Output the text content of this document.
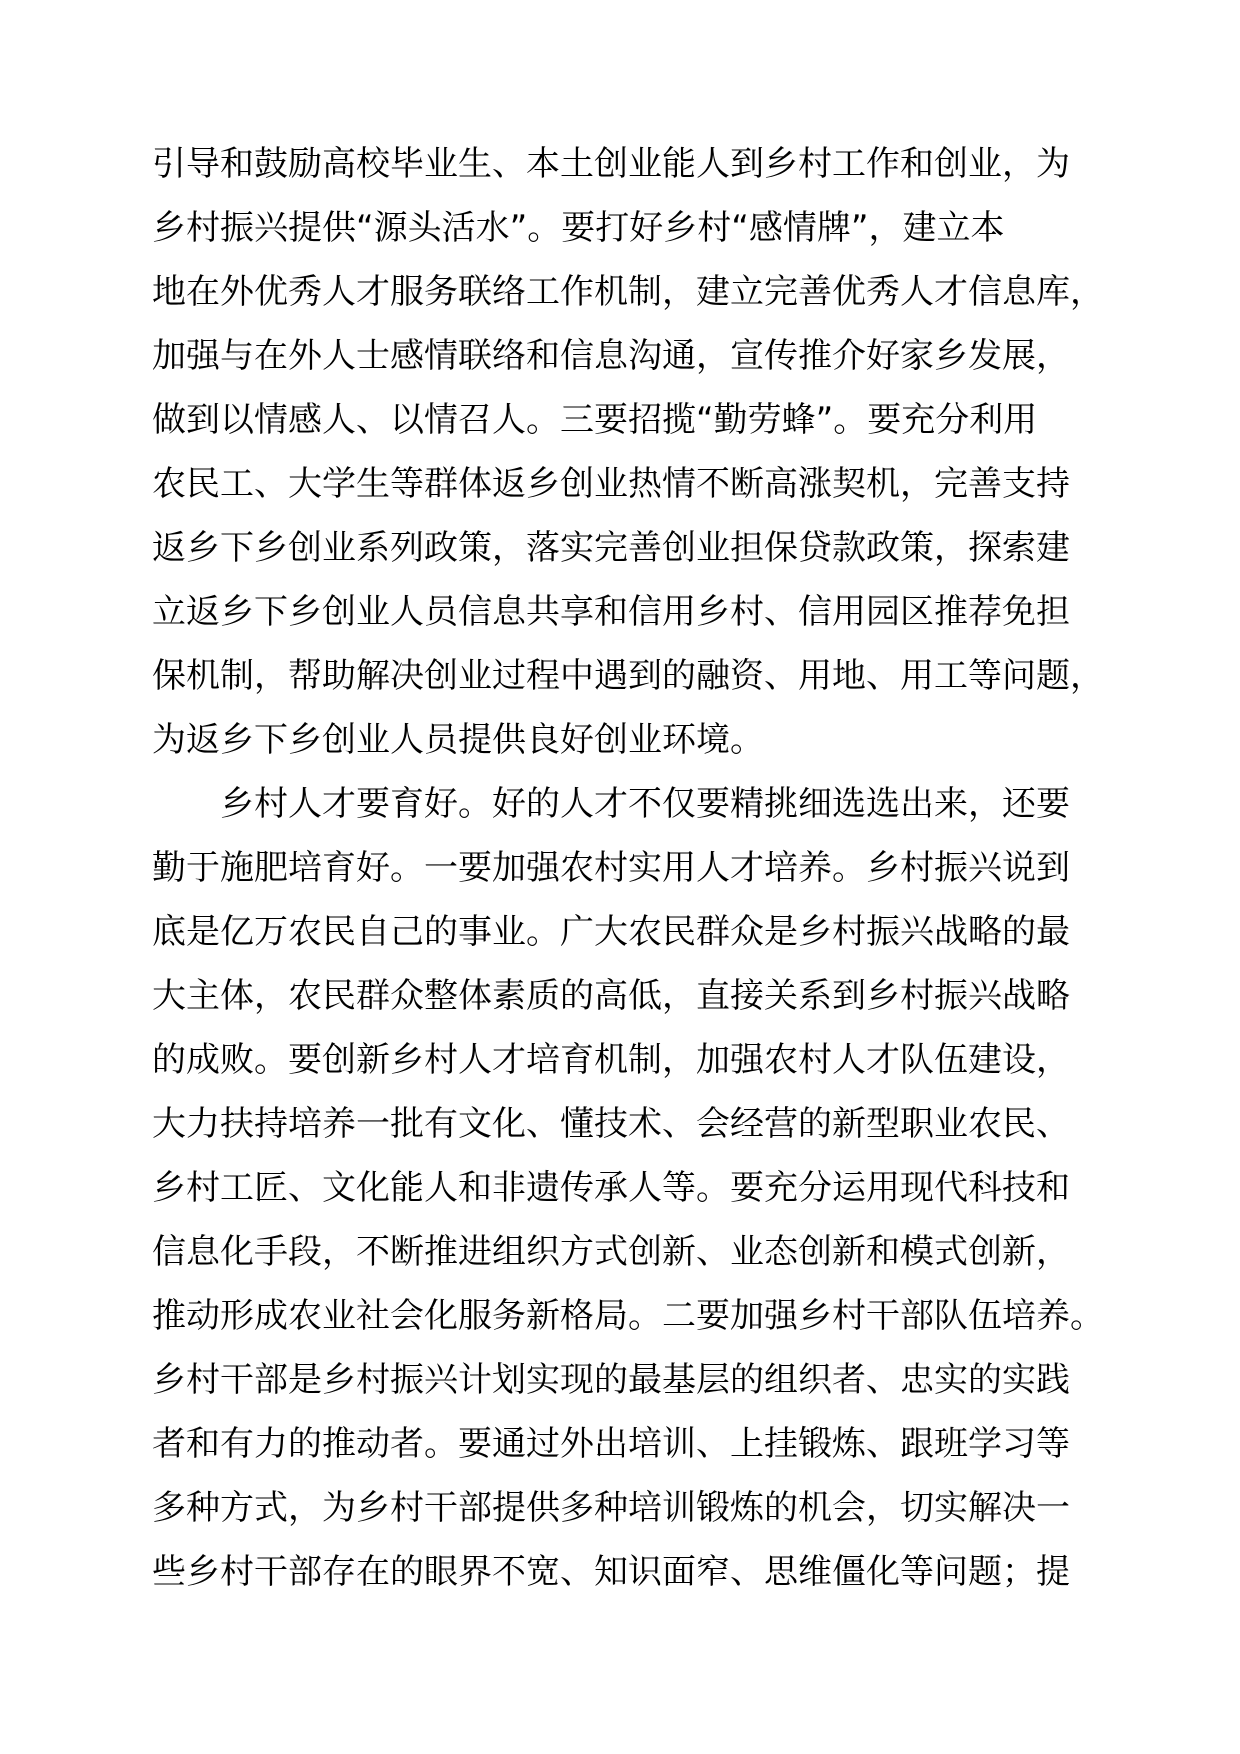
引导和鼓励高校毕业生、本土创业能人到乡村工作和创业，为
乡村振兴提供“源头活水”。要打好乡村“感情牌”，建立本
地在外优秀人才服务联络工作机制，建立完善优秀人才信息库，
加强与在外人士感情联络和信息沟通，宣传推介好家乡发展，
做到以情感人、以情召人。三要招揽“勤劳蜂”。要充分利用
农民工、大学生等群体返乡创业热情不断高涨契机，完善支持
返乡下乡创业系列政策，落实完善创业担保贷款政策，探索建
立返乡下乡创业人员信息共享和信用乡村、信用园区推荐免担
保机制，帮助解决创业过程中遇到的融资、用地、用工等问题，
为返乡下乡创业人员提供良好创业环境。
乡村人才要育好。好的人才不仅要精挑细选选出来，还要
勤于施肥培育好。一要加强农村实用人才培养。乡村振兴说到
底是亿万农民自己的事业。广大农民群众是乡村振兴战略的最
大主体，农民群众整体素质的高低，直接关系到乡村振兴战略
的成败。要创新乡村人才培育机制，加强农村人才队伍建设，
大力扶持培养一批有文化、懂技术、会经营的新型职业农民、
乡村工匠、文化能人和非遗传承人等。要充分运用现代科技和
信息化手段，不断推进组织方式创新、业态创新和模式创新，
推动形成农业社会化服务新格局。二要加强乡村干部队伍培养。
乡村干部是乡村振兴计划实现的最基层的组织者、忠实的实践
者和有力的推动者。要通过外出培训、上挂锻炼、跟班学习等
多种方式，为乡村干部提供多种培训锻炼的机会，切实解决一
些乡村干部存在的眼界不宽、知识面窄、思维僵化等问题；提
